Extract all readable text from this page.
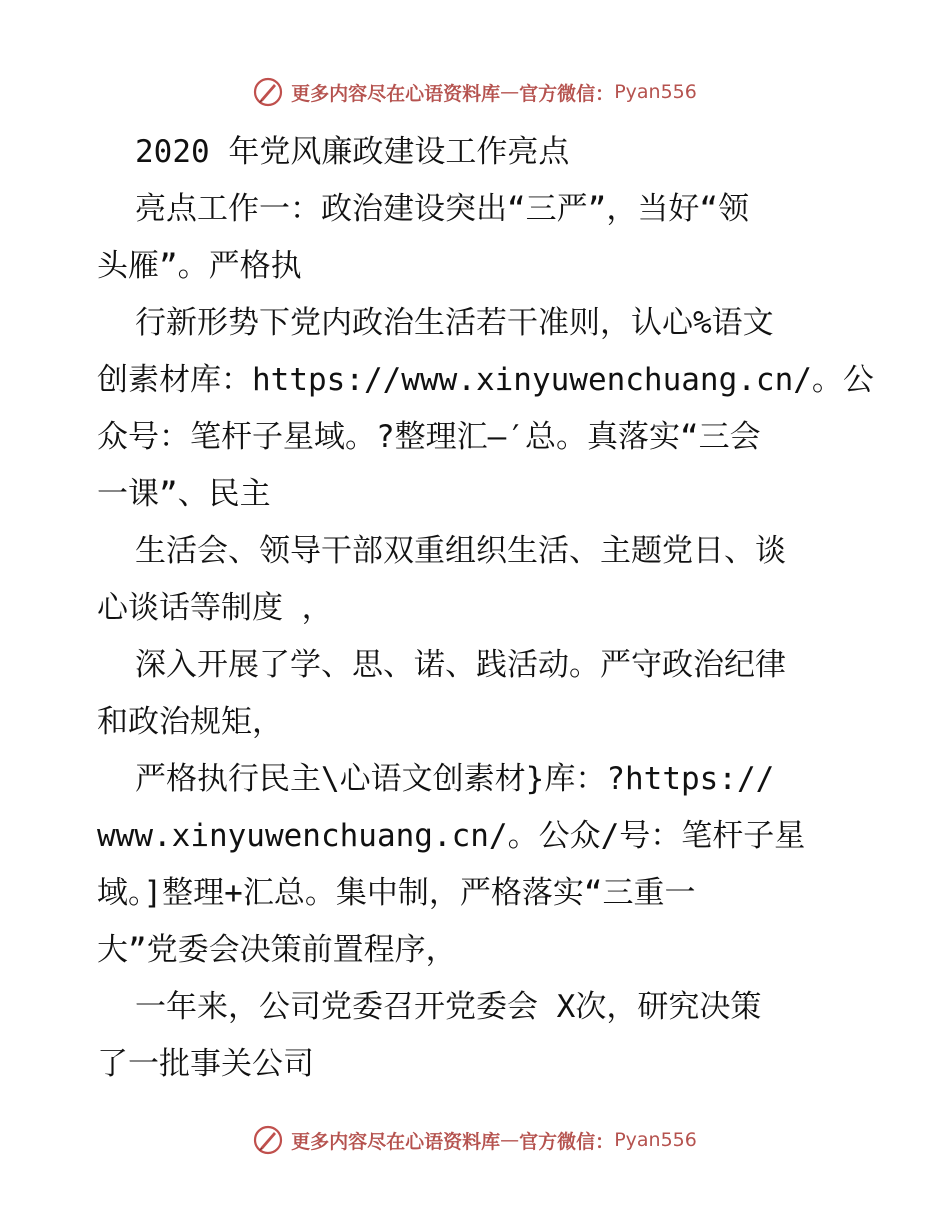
更多内容尽在心语资料库 — 官方微信： Pyan556
2020 年党风廉政建设工作亮点
亮点工作一：政治建设突出“三严”，当好“领
头雁”。严格执
行新形势下党内政治生活若干准则，认心%语文
创素材库：https://www.xinyuwenchuang.cn/。公
众号：笔杆子星域。?整理汇—′总。真落实“三会
一课”、民主
生活会、领导干部双重组织生活、主题党日、谈
心谈话等制度 ，
深入开展了学、思、诺、践活动。严守政治纪律
和政治规矩，
严格执行民主\心语文创素材}库：?https://
www.xinyuwenchuang.cn/。公众/号：笔杆子星
域。]整理+汇总。集中制，严格落实“三重一
大”党委会决策前置程序，
一年来，公司党委召开党委会 X次，研究决策
了一批事关公司
更多内容尽在心语资料库 — 官方微信： Pyan556
